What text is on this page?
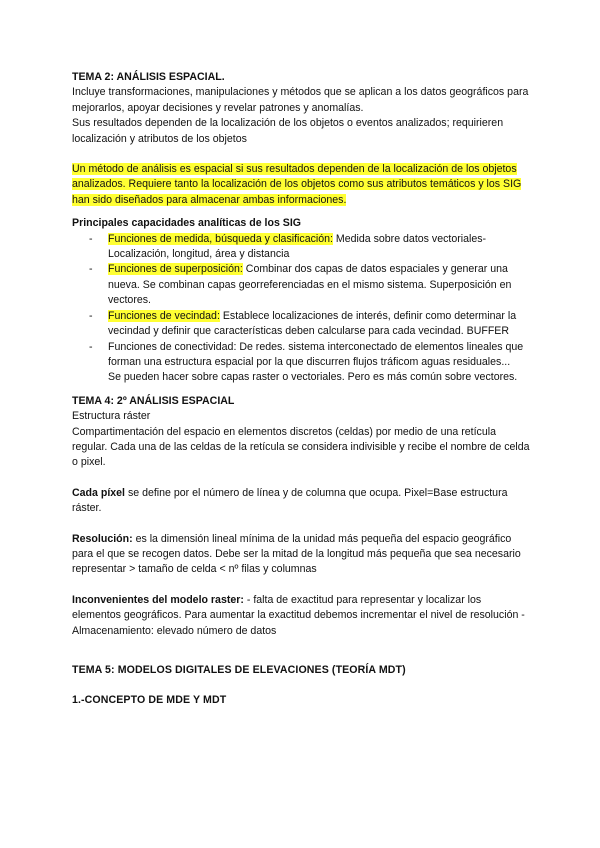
TEMA 2: ANÁLISIS ESPACIAL.

Incluye transformaciones, manipulaciones y métodos que se aplican a los datos geográficos para mejorarlos, apoyar decisiones y revelar patrones y anomalías.

Sus resultados dependen de la localización de los objetos o eventos analizados; requirieren localización y atributos de los objetos

Un método de análisis es espacial si sus resultados dependen de la localización de los objetos analizados. Requiere tanto la localización de los objetos como sus atributos temáticos y los SIG han sido diseñados para almacenar ambas informaciones.

Principales capacidades analíticas de los SIG

- Funciones de medida, búsqueda y clasificación: Medida sobre datos vectoriales- Localización, longitud, área y distancia
- Funciones de superposición: Combinar dos capas de datos espaciales y generar una nueva. Se combinan capas georreferenciadas en el mismo sistema. Superposición en vectores.
- Funciones de vecindad: Establece localizaciones de interés, definir como determinar la vecindad y definir que características deben calcularse para cada vecindad. BUFFER
- Funciones de conectividad: De redes. sistema interconectado de elementos lineales que forman una estructura espacial por la que discurren flujos tráficom aguas residuales...
Se pueden hacer sobre capas raster o vectoriales. Pero es más común sobre vectores.

TEMA 4: 2º ANÁLISIS ESPACIAL

Estructura ráster

Compartimentación del espacio en elementos discretos (celdas) por medio de una retícula regular. Cada una de las celdas de la retícula se considera indivisible y recibe el nombre de celda o pixel.

Cada píxel se define por el número de línea y de columna que ocupa. Pixel=Base estructura ráster.

Resolución: es la dimensión lineal mínima de la unidad más pequeña del espacio geográfico para el que se recogen datos. Debe ser la mitad de la longitud más pequeña que sea necesario representar > tamaño de celda < nº filas y columnas

Inconvenientes del modelo raster: - falta de exactitud para representar y localizar los elementos geográficos. Para aumentar la exactitud debemos incrementar el nivel de resolución - Almacenamiento: elevado número de datos

TEMA 5: MODELOS DIGITALES DE ELEVACIONES (TEORÍA MDT)

1.-CONCEPTO DE MDE Y MDT
